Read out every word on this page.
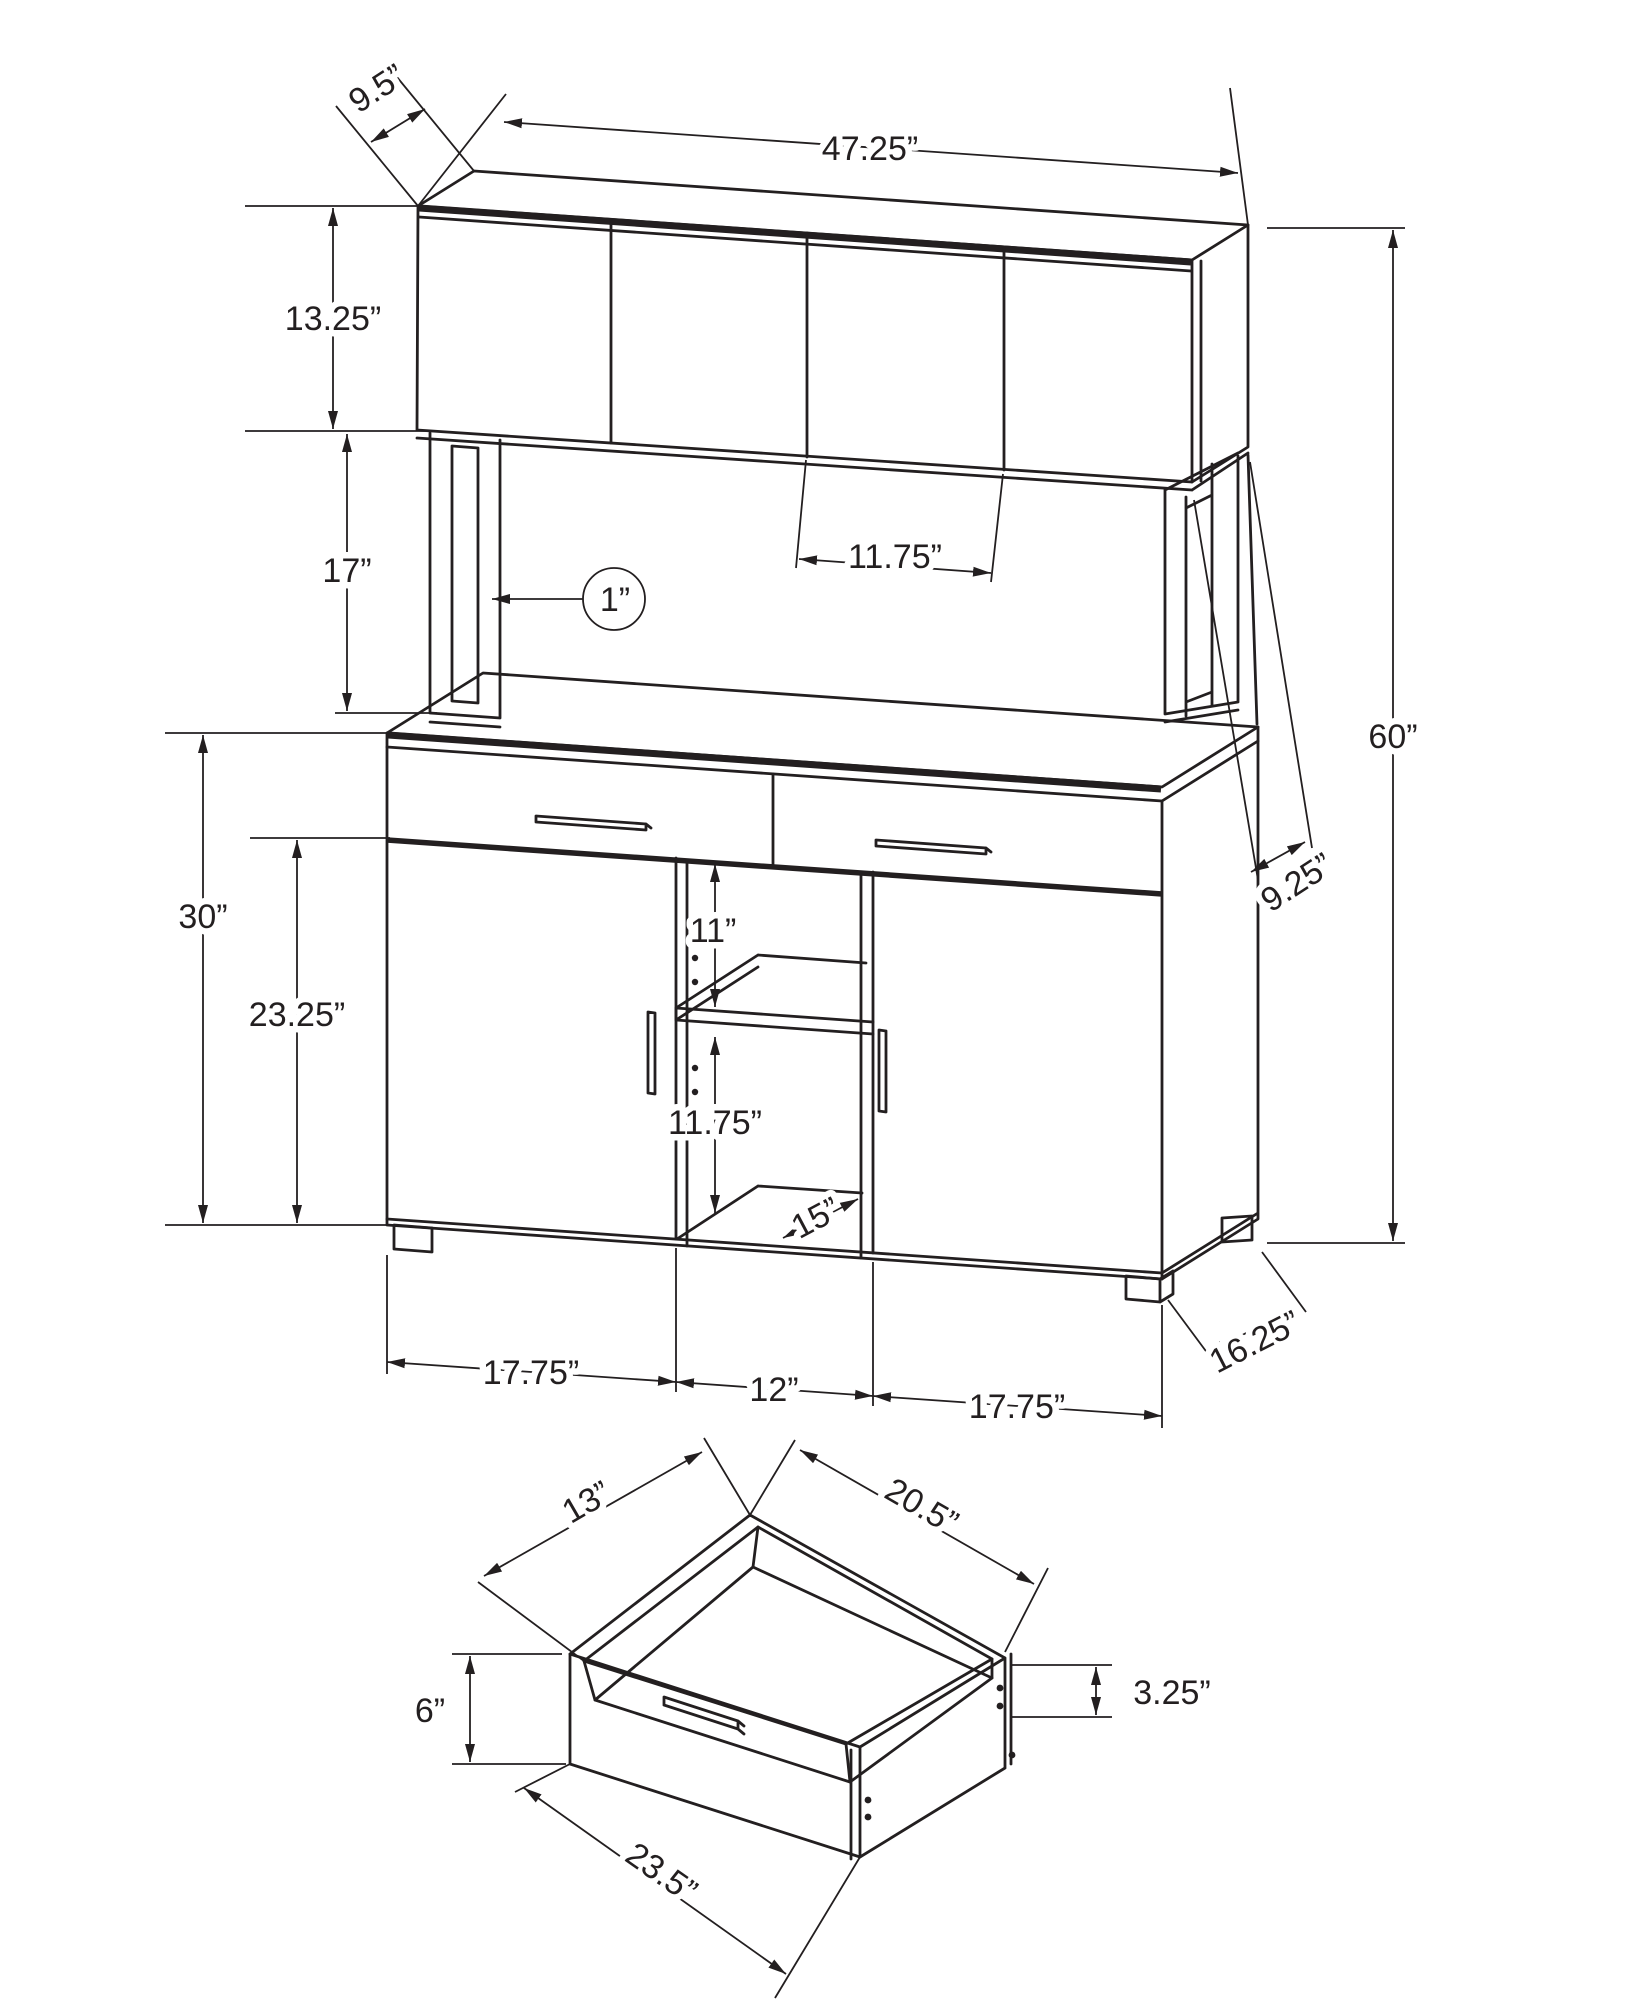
9.5”
47.25”
13.25”
17”
1”
11.75”
60”
9.25”
30”
23.25”
11”
11.75”
15”
17.75”	12”	17.75”
16.25”
13”	20.5”
6”	3.25”
23.5”
